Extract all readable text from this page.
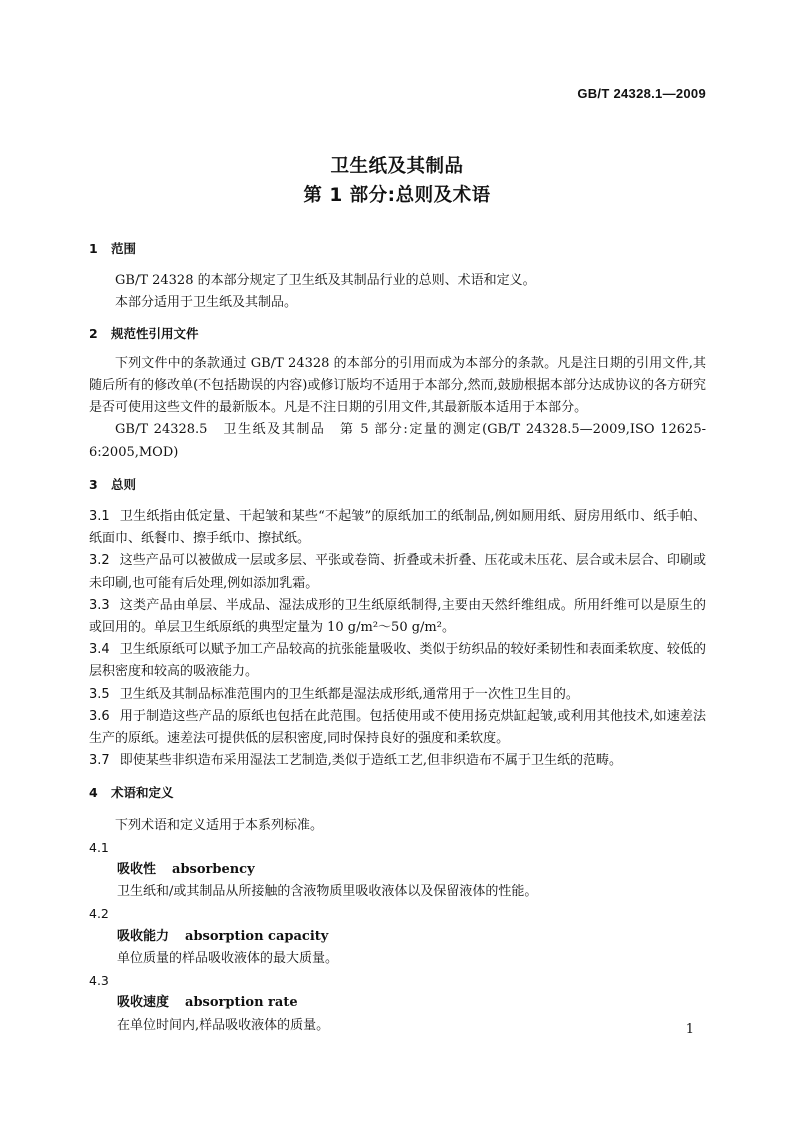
GB/T 24328.1—2009
卫生纸及其制品
第 1 部分:总则及术语

1 范围

GB/T 24328 的本部分规定了卫生纸及其制品行业的总则、术语和定义。

本部分适用于卫生纸及其制品。

2 规范性引用文件

下列文件中的条款通过 GB/T 24328 的本部分的引用而成为本部分的条款。凡是注日期的引用文件,其随后所有的修改单(不包括勘误的内容)或修订版均不适用于本部分,然而,鼓励根据本部分达成协议的各方研究是否可使用这些文件的最新版本。凡是不注日期的引用文件,其最新版本适用于本部分。

GB/T 24328.5　卫生纸及其制品　第 5 部分:定量的测定(GB/T 24328.5—2009,ISO 12625-6:2005,MOD)

3 总则

3.1 卫生纸指由低定量、干起皱和某些“不起皱”的原纸加工的纸制品,例如厕用纸、厨房用纸巾、纸手帕、纸面巾、纸餐巾、擦手纸巾、擦拭纸。

3.2 这些产品可以被做成一层或多层、平张或卷筒、折叠或未折叠、压花或未压花、层合或未层合、印刷或未印刷,也可能有后处理,例如添加乳霜。

3.3 这类产品由单层、半成品、湿法成形的卫生纸原纸制得,主要由天然纤维组成。所用纤维可以是原生的或回用的。单层卫生纸原纸的典型定量为 10 g/m²～50 g/m²。

3.4 卫生纸原纸可以赋予加工产品较高的抗张能量吸收、类似于纺织品的较好柔韧性和表面柔软度、较低的层积密度和较高的吸液能力。

3.5 卫生纸及其制品标准范围内的卫生纸都是湿法成形纸,通常用于一次性卫生目的。

3.6 用于制造这些产品的原纸也包括在此范围。包括使用或不使用扬克烘缸起皱,或利用其他技术,如速差法生产的原纸。速差法可提供低的层积密度,同时保持良好的强度和柔软度。

3.7 即使某些非织造布采用湿法工艺制造,类似于造纸工艺,但非织造布不属于卫生纸的范畴。

4 术语和定义

下列术语和定义适用于本系列标准。

4.1

吸收性 absorbency

卫生纸和/或其制品从所接触的含液物质里吸收液体以及保留液体的性能。

4.2

吸收能力 absorption capacity

单位质量的样品吸收液体的最大质量。

4.3

吸收速度 absorption rate

在单位时间内,样品吸收液体的质量。	1
